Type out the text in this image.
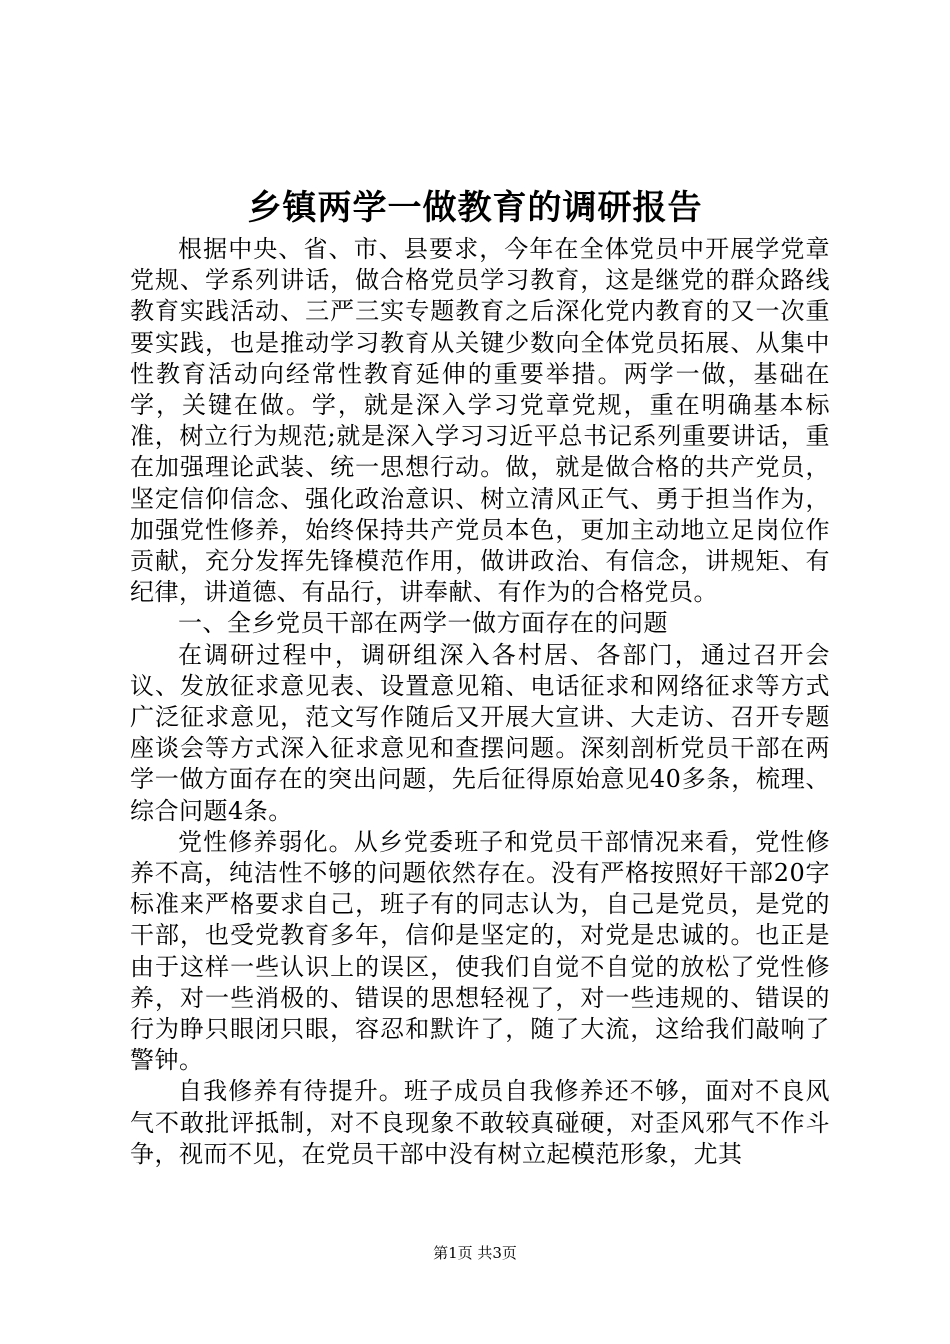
乡镇两学一做教育的调研报告

根据中央、省、市、县要求，今年在全体党员中开展学党章党规、学系列讲话，做合格党员学习教育，这是继党的群众路线教育实践活动、三严三实专题教育之后深化党内教育的又一次重要实践，也是推动学习教育从关键少数向全体党员拓展、从集中性教育活动向经常性教育延伸的重要举措。两学一做，基础在学，关键在做。学，就是深入学习党章党规，重在明确基本标准，树立行为规范;就是深入学习习近平总书记系列重要讲话，重在加强理论武装、统一思想行动。做，就是做合格的共产党员，坚定信仰信念、强化政治意识、树立清风正气、勇于担当作为，加强党性修养，始终保持共产党员本色，更加主动地立足岗位作贡献，充分发挥先锋模范作用，做讲政治、有信念，讲规矩、有纪律，讲道德、有品行，讲奉献、有作为的合格党员。

一、全乡党员干部在两学一做方面存在的问题

在调研过程中，调研组深入各村居、各部门，通过召开会议、发放征求意见表、设置意见箱、电话征求和网络征求等方式广泛征求意见，范文写作随后又开展大宣讲、大走访、召开专题座谈会等方式深入征求意见和查摆问题。深刻剖析党员干部在两学一做方面存在的突出问题，先后征得原始意见40多条，梳理、综合问题4条。

党性修养弱化。从乡党委班子和党员干部情况来看，党性修养不高，纯洁性不够的问题依然存在。没有严格按照好干部20字标准来严格要求自己，班子有的同志认为，自己是党员，是党的干部，也受党教育多年，信仰是坚定的，对党是忠诚的。也正是由于这样一些认识上的误区，使我们自觉不自觉的放松了党性修养，对一些消极的、错误的思想轻视了，对一些违规的、错误的行为睁只眼闭只眼，容忍和默许了，随了大流，这给我们敲响了警钟。

自我修养有待提升。班子成员自我修养还不够，面对不良风气不敢批评抵制，对不良现象不敢较真碰硬，对歪风邪气不作斗争，视而不见，在党员干部中没有树立起模范形象，尤其

第1页 共3页
